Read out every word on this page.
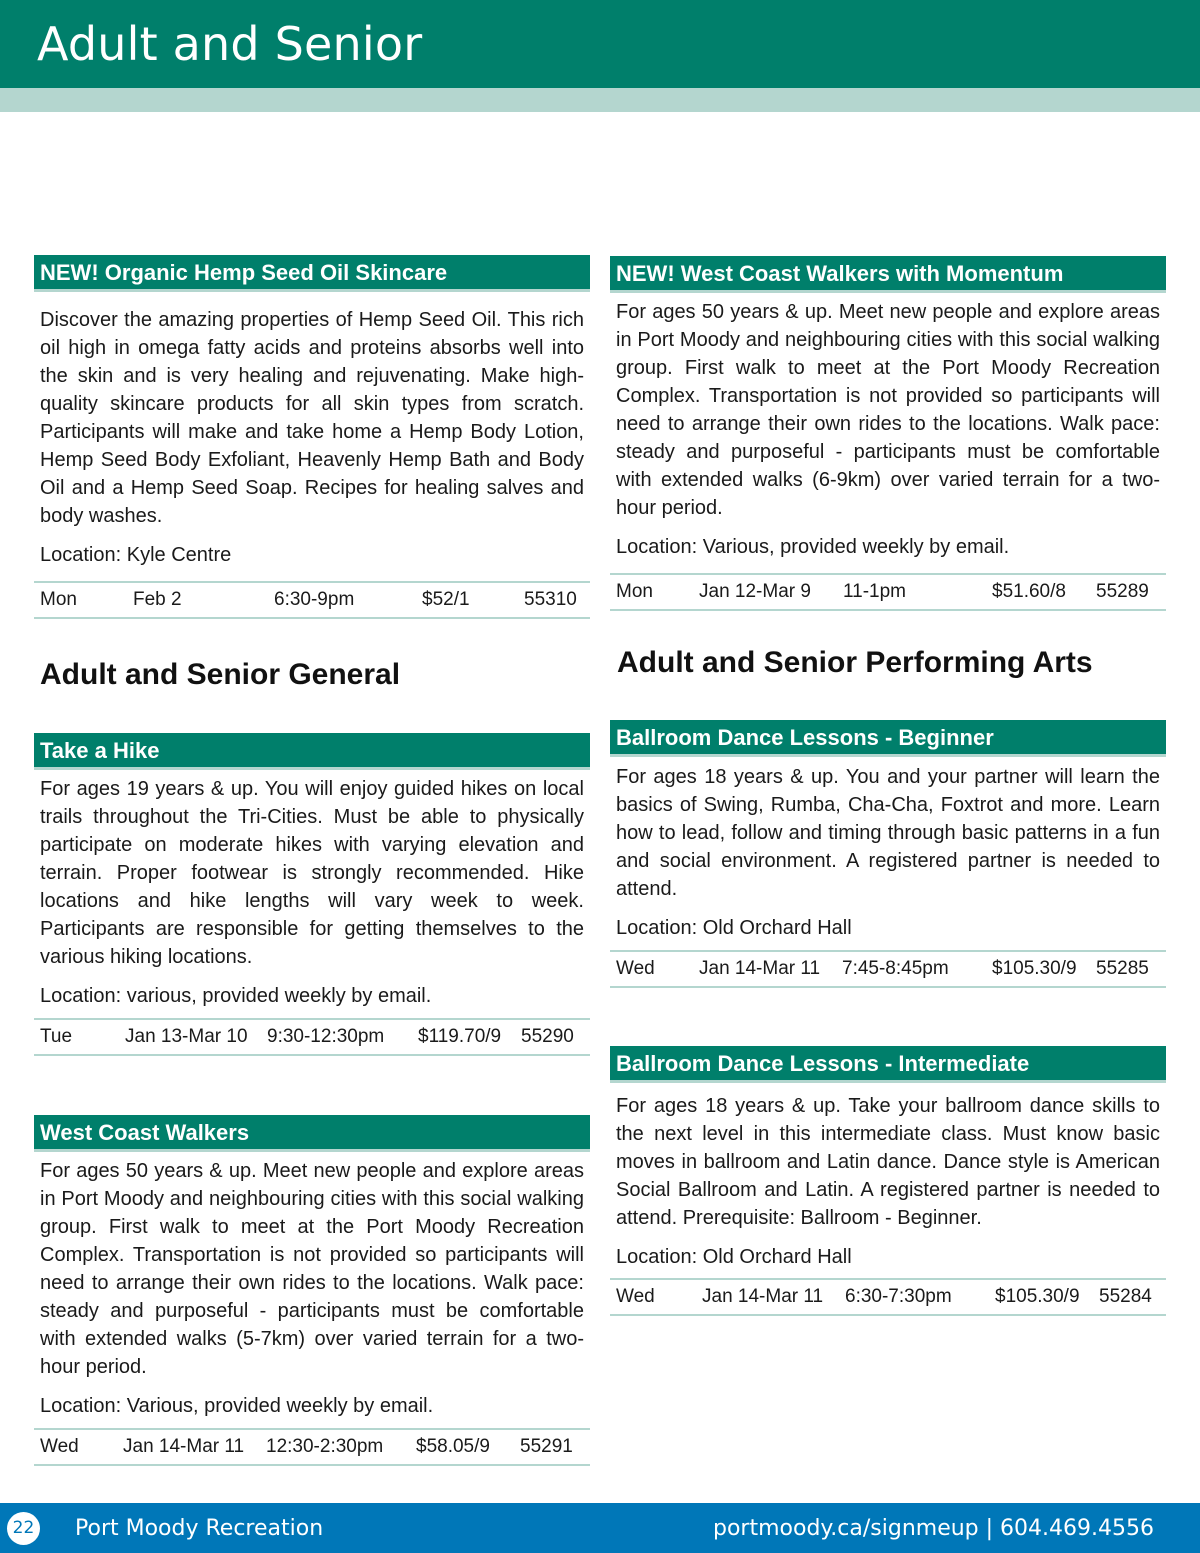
Adult and Senior
NEW! Organic Hemp Seed Oil Skincare
Discover the amazing properties of Hemp Seed Oil. This rich oil high in omega fatty acids and proteins absorbs well into the skin and is very healing and rejuvenating. Make high-quality skincare products for all skin types from scratch. Participants will make and take home a Hemp Body Lotion, Hemp Seed Body Exfoliant, Heavenly Hemp Bath and Body Oil and a Hemp Seed Soap. Recipes for healing salves and body washes.
Location: Kyle Centre
Mon	Feb 2	6:30-9pm	$52/1	55310
Adult and Senior General
Take a Hike
For ages 19 years & up. You will enjoy guided hikes on local trails throughout the Tri-Cities. Must be able to physically participate on moderate hikes with varying elevation and terrain. Proper footwear is strongly recommended. Hike locations and hike lengths will vary week to week. Participants are responsible for getting themselves to the various hiking locations.
Location: various, provided weekly by email.
Tue	Jan 13-Mar 10 9:30-12:30pm $119.70/9 55290
West Coast Walkers
For ages 50 years & up. Meet new people and explore areas in Port Moody and neighbouring cities with this social walking group. First walk to meet at the Port Moody Recreation Complex. Transportation is not provided so participants will need to arrange their own rides to the locations. Walk pace: steady and purposeful - participants must be comfortable with extended walks (5-7km) over varied terrain for a two-hour period.
Location: Various, provided weekly by email.
Wed Jan 14-Mar 11 12:30-2:30pm $58.05/9 55291
NEW! West Coast Walkers with Momentum
For ages 50 years & up. Meet new people and explore areas in Port Moody and neighbouring cities with this social walking group. First walk to meet at the Port Moody Recreation Complex. Transportation is not provided so participants will need to arrange their own rides to the locations. Walk pace: steady and purposeful - participants must be comfortable with extended walks (6-9km) over varied terrain for a two-hour period.
Location: Various, provided weekly by email.
Mon Jan 12-Mar 9 11-1pm	$51.60/8 55289
Adult and Senior Performing Arts
Ballroom Dance Lessons - Beginner
For ages 18 years & up. You and your partner will learn the basics of Swing, Rumba, Cha-Cha, Foxtrot and more. Learn how to lead, follow and timing through basic patterns in a fun and social environment. A registered partner is needed to attend.
Location: Old Orchard Hall
Wed Jan 14-Mar 11 7:45-8:45pm $105.30/9 55285
Ballroom Dance Lessons - Intermediate
For ages 18 years & up. Take your ballroom dance skills to the next level in this intermediate class. Must know basic moves in ballroom and Latin dance. Dance style is American Social Ballroom and Latin. A registered partner is needed to attend. Prerequisite: Ballroom - Beginner.
Location: Old Orchard Hall
Wed Jan 14-Mar 11 6:30-7:30pm $105.30/9 55284
22 Port Moody Recreation	portmoody.ca/signmeup | 604.469.4556
